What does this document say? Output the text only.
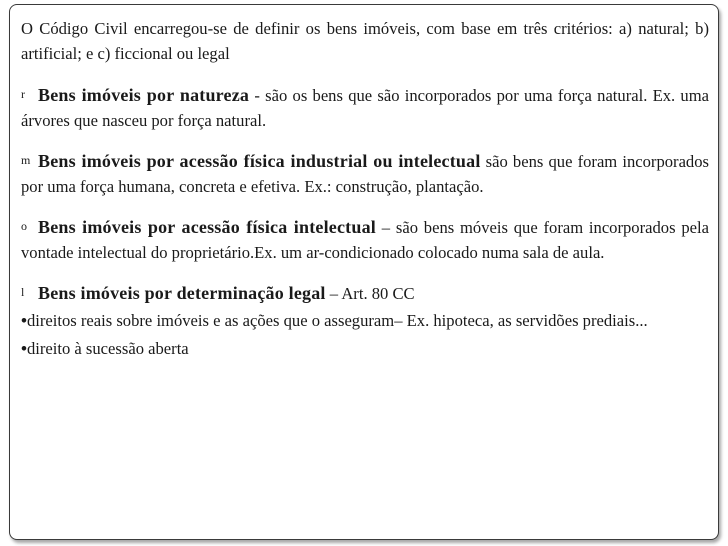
O Código Civil encarregou-se de definir os bens imóveis, com base em três critérios: a) natural; b) artificial; e c) ficcional ou legal

r Bens imóveis por natureza - são os bens que são incorporados por uma força natural. Ex. uma árvores que nasceu por força natural.

m Bens imóveis por acessão física industrial ou intelectual são bens que foram incorporados por uma força humana, concreta e efetiva. Ex.: construção, plantação.

o Bens imóveis por acessão física intelectual – são bens móveis que foram incorporados pela vontade intelectual do proprietário.Ex. um ar-condicionado colocado numa sala de aula.

l Bens imóveis por determinação legal – Art. 80 CC

•direitos reais sobre imóveis e as ações que o asseguram– Ex. hipoteca, as servidões prediais...

•direito à sucessão aberta
